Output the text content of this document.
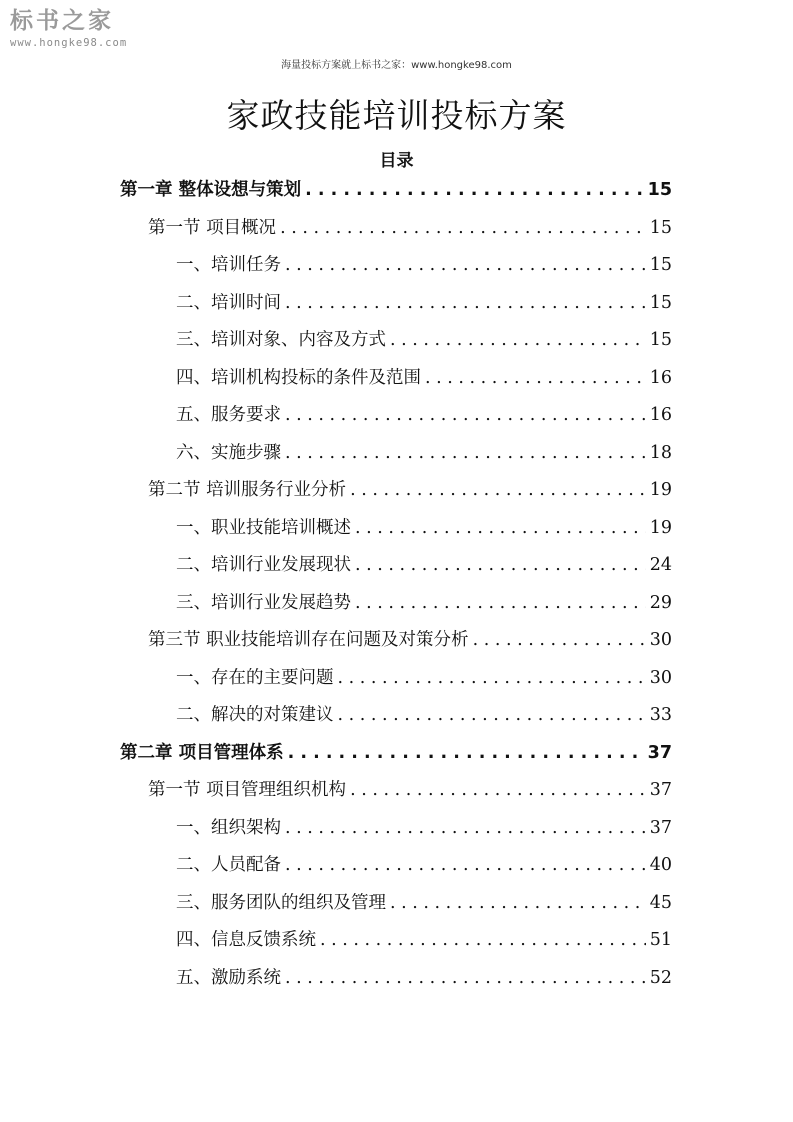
标书之家
www.hongke98.com
海量投标方案就上标书之家：www.hongke98.com
家政技能培训投标方案
目录
第一章 整体设想与策划 . . .	15
第一节 项目概况 . . .	15
一、培训任务 . . .	15
二、培训时间 . . .	15
三、培训对象、内容及方式 . . .	15
四、培训机构投标的条件及范围 . . .	16
五、服务要求 . . .	16
六、实施步骤 . . .	18
第二节 培训服务行业分析 . . .	19
一、职业技能培训概述 . . .	19
二、培训行业发展现状 . . .	24
三、培训行业发展趋势 . . .	29
第三节 职业技能培训存在问题及对策分析 . . .	30
一、存在的主要问题 . . .	30
二、解决的对策建议 . . .	33
第二章 项目管理体系 . . .	37
第一节 项目管理组织机构 . . .	37
一、组织架构 . . .	37
二、人员配备 . . .	40
三、服务团队的组织及管理 . . .	45
四、信息反馈系统 . . .	51
五、激励系统 . . .	52
